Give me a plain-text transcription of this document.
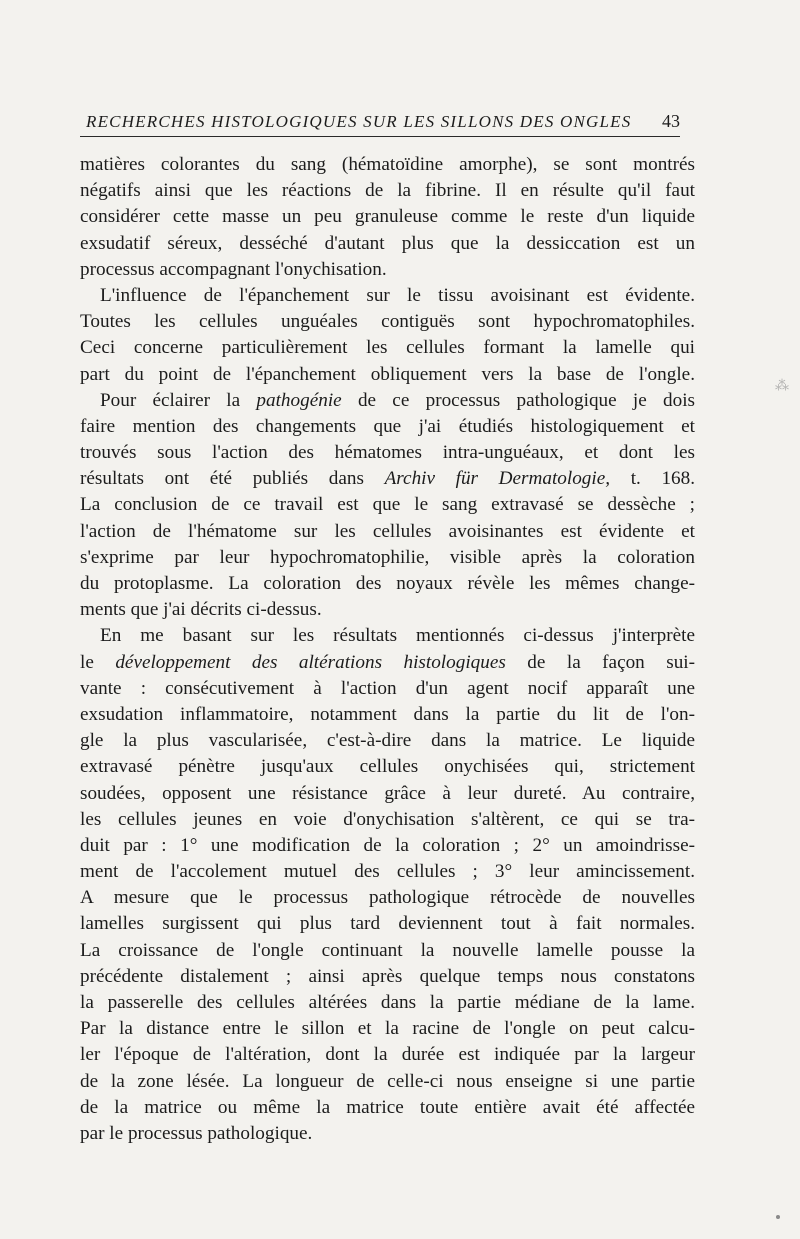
RECHERCHES HISTOLOGIQUES SUR LES SILLONS DES ONGLES 43
matières colorantes du sang (hématoïdine amorphe), se sont montrés
négatifs ainsi que les réactions de la fibrine. Il en résulte qu'il faut
considérer cette masse un peu granuleuse comme le reste d'un liquide
exsudatif séreux, desséché d'autant plus que la dessiccation est un
processus accompagnant l'onychisation.
L'influence de l'épanchement sur le tissu avoisinant est évidente.
Toutes les cellules unguéales contiguës sont hypochromatophiles.
Ceci concerne particulièrement les cellules formant la lamelle qui
part du point de l'épanchement obliquement vers la base de l'ongle.
Pour éclairer la pathogénie de ce processus pathologique je dois
faire mention des changements que j'ai étudiés histologiquement et
trouvés sous l'action des hématomes intra-unguéaux, et dont les
résultats ont été publiés dans Archiv für Dermatologie, t. 168.
La conclusion de ce travail est que le sang extravasé se dessèche ;
l'action de l'hématome sur les cellules avoisinantes est évidente et
s'exprime par leur hypochromatophilie, visible après la coloration
du protoplasme. La coloration des noyaux révèle les mêmes change-
ments que j'ai décrits ci-dessus.
En me basant sur les résultats mentionnés ci-dessus j'interprète
le développement des altérations histologiques de la façon sui-
vante : consécutivement à l'action d'un agent nocif apparaît une
exsudation inflammatoire, notamment dans la partie du lit de l'on-
gle la plus vascularisée, c'est-à-dire dans la matrice. Le liquide
extravasé pénètre jusqu'aux cellules onychisées qui, strictement
soudées, opposent une résistance grâce à leur dureté. Au contraire,
les cellules jeunes en voie d'onychisation s'altèrent, ce qui se tra-
duit par : 1° une modification de la coloration ; 2° un amoindrisse-
ment de l'accolement mutuel des cellules ; 3° leur amincissement.
A mesure que le processus pathologique rétrocède de nouvelles
lamelles surgissent qui plus tard deviennent tout à fait normales.
La croissance de l'ongle continuant la nouvelle lamelle pousse la
précédente distalement ; ainsi après quelque temps nous constatons
la passerelle des cellules altérées dans la partie médiane de la lame.
Par la distance entre le sillon et la racine de l'ongle on peut calcu-
ler l'époque de l'altération, dont la durée est indiquée par la largeur
de la zone lésée. La longueur de celle-ci nous enseigne si une partie
de la matrice ou même la matrice toute entière avait été affectée
par le processus pathologique.
⁂
